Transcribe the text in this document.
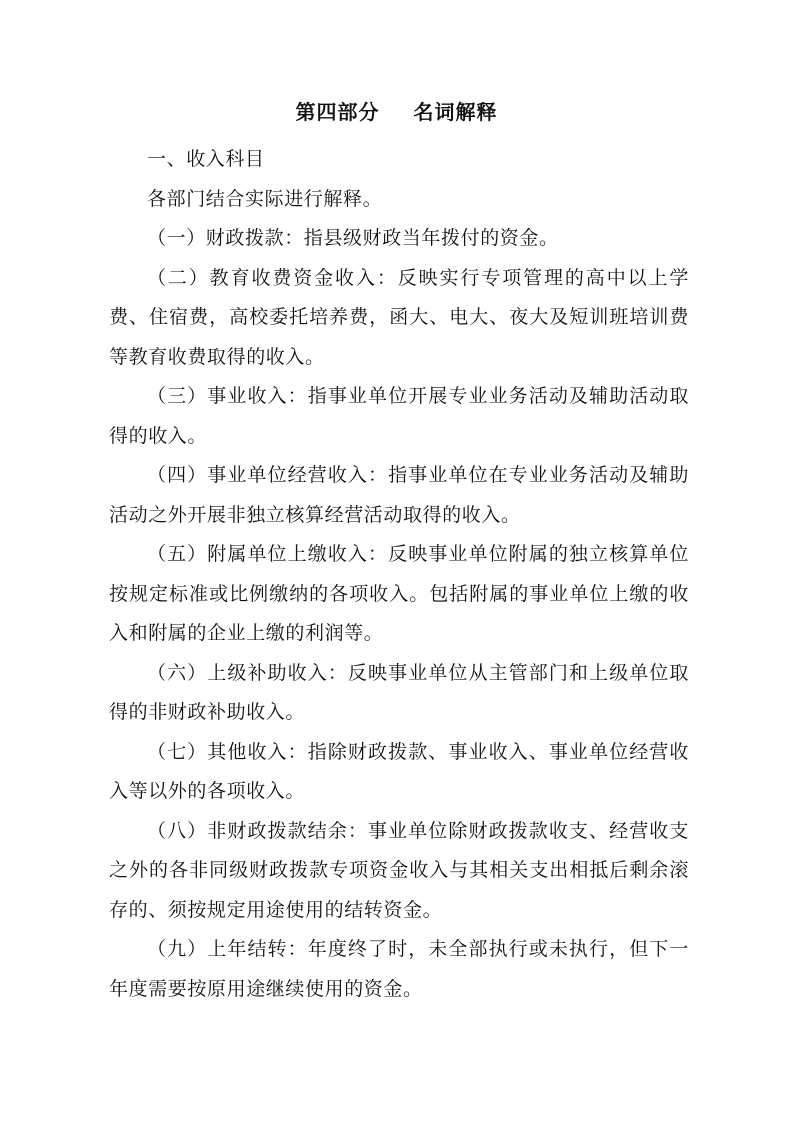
第四部分 名词解释

一、收入科目

各部门结合实际进行解释。

（一）财政拨款：指县级财政当年拨付的资金。

（二）教育收费资金收入：反映实行专项管理的高中以上学费、住宿费，高校委托培养费，函大、电大、夜大及短训班培训费等教育收费取得的收入。

（三）事业收入：指事业单位开展专业业务活动及辅助活动取得的收入。

（四）事业单位经营收入：指事业单位在专业业务活动及辅助活动之外开展非独立核算经营活动取得的收入。

（五）附属单位上缴收入：反映事业单位附属的独立核算单位按规定标准或比例缴纳的各项收入。包括附属的事业单位上缴的收入和附属的企业上缴的利润等。

（六）上级补助收入：反映事业单位从主管部门和上级单位取得的非财政补助收入。

（七）其他收入：指除财政拨款、事业收入、事业单位经营收入等以外的各项收入。

（八）非财政拨款结余：事业单位除财政拨款收支、经营收支之外的各非同级财政拨款专项资金收入与其相关支出相抵后剩余滚存的、须按规定用途使用的结转资金。

（九）上年结转：年度终了时，未全部执行或未执行，但下一年度需要按原用途继续使用的资金。
